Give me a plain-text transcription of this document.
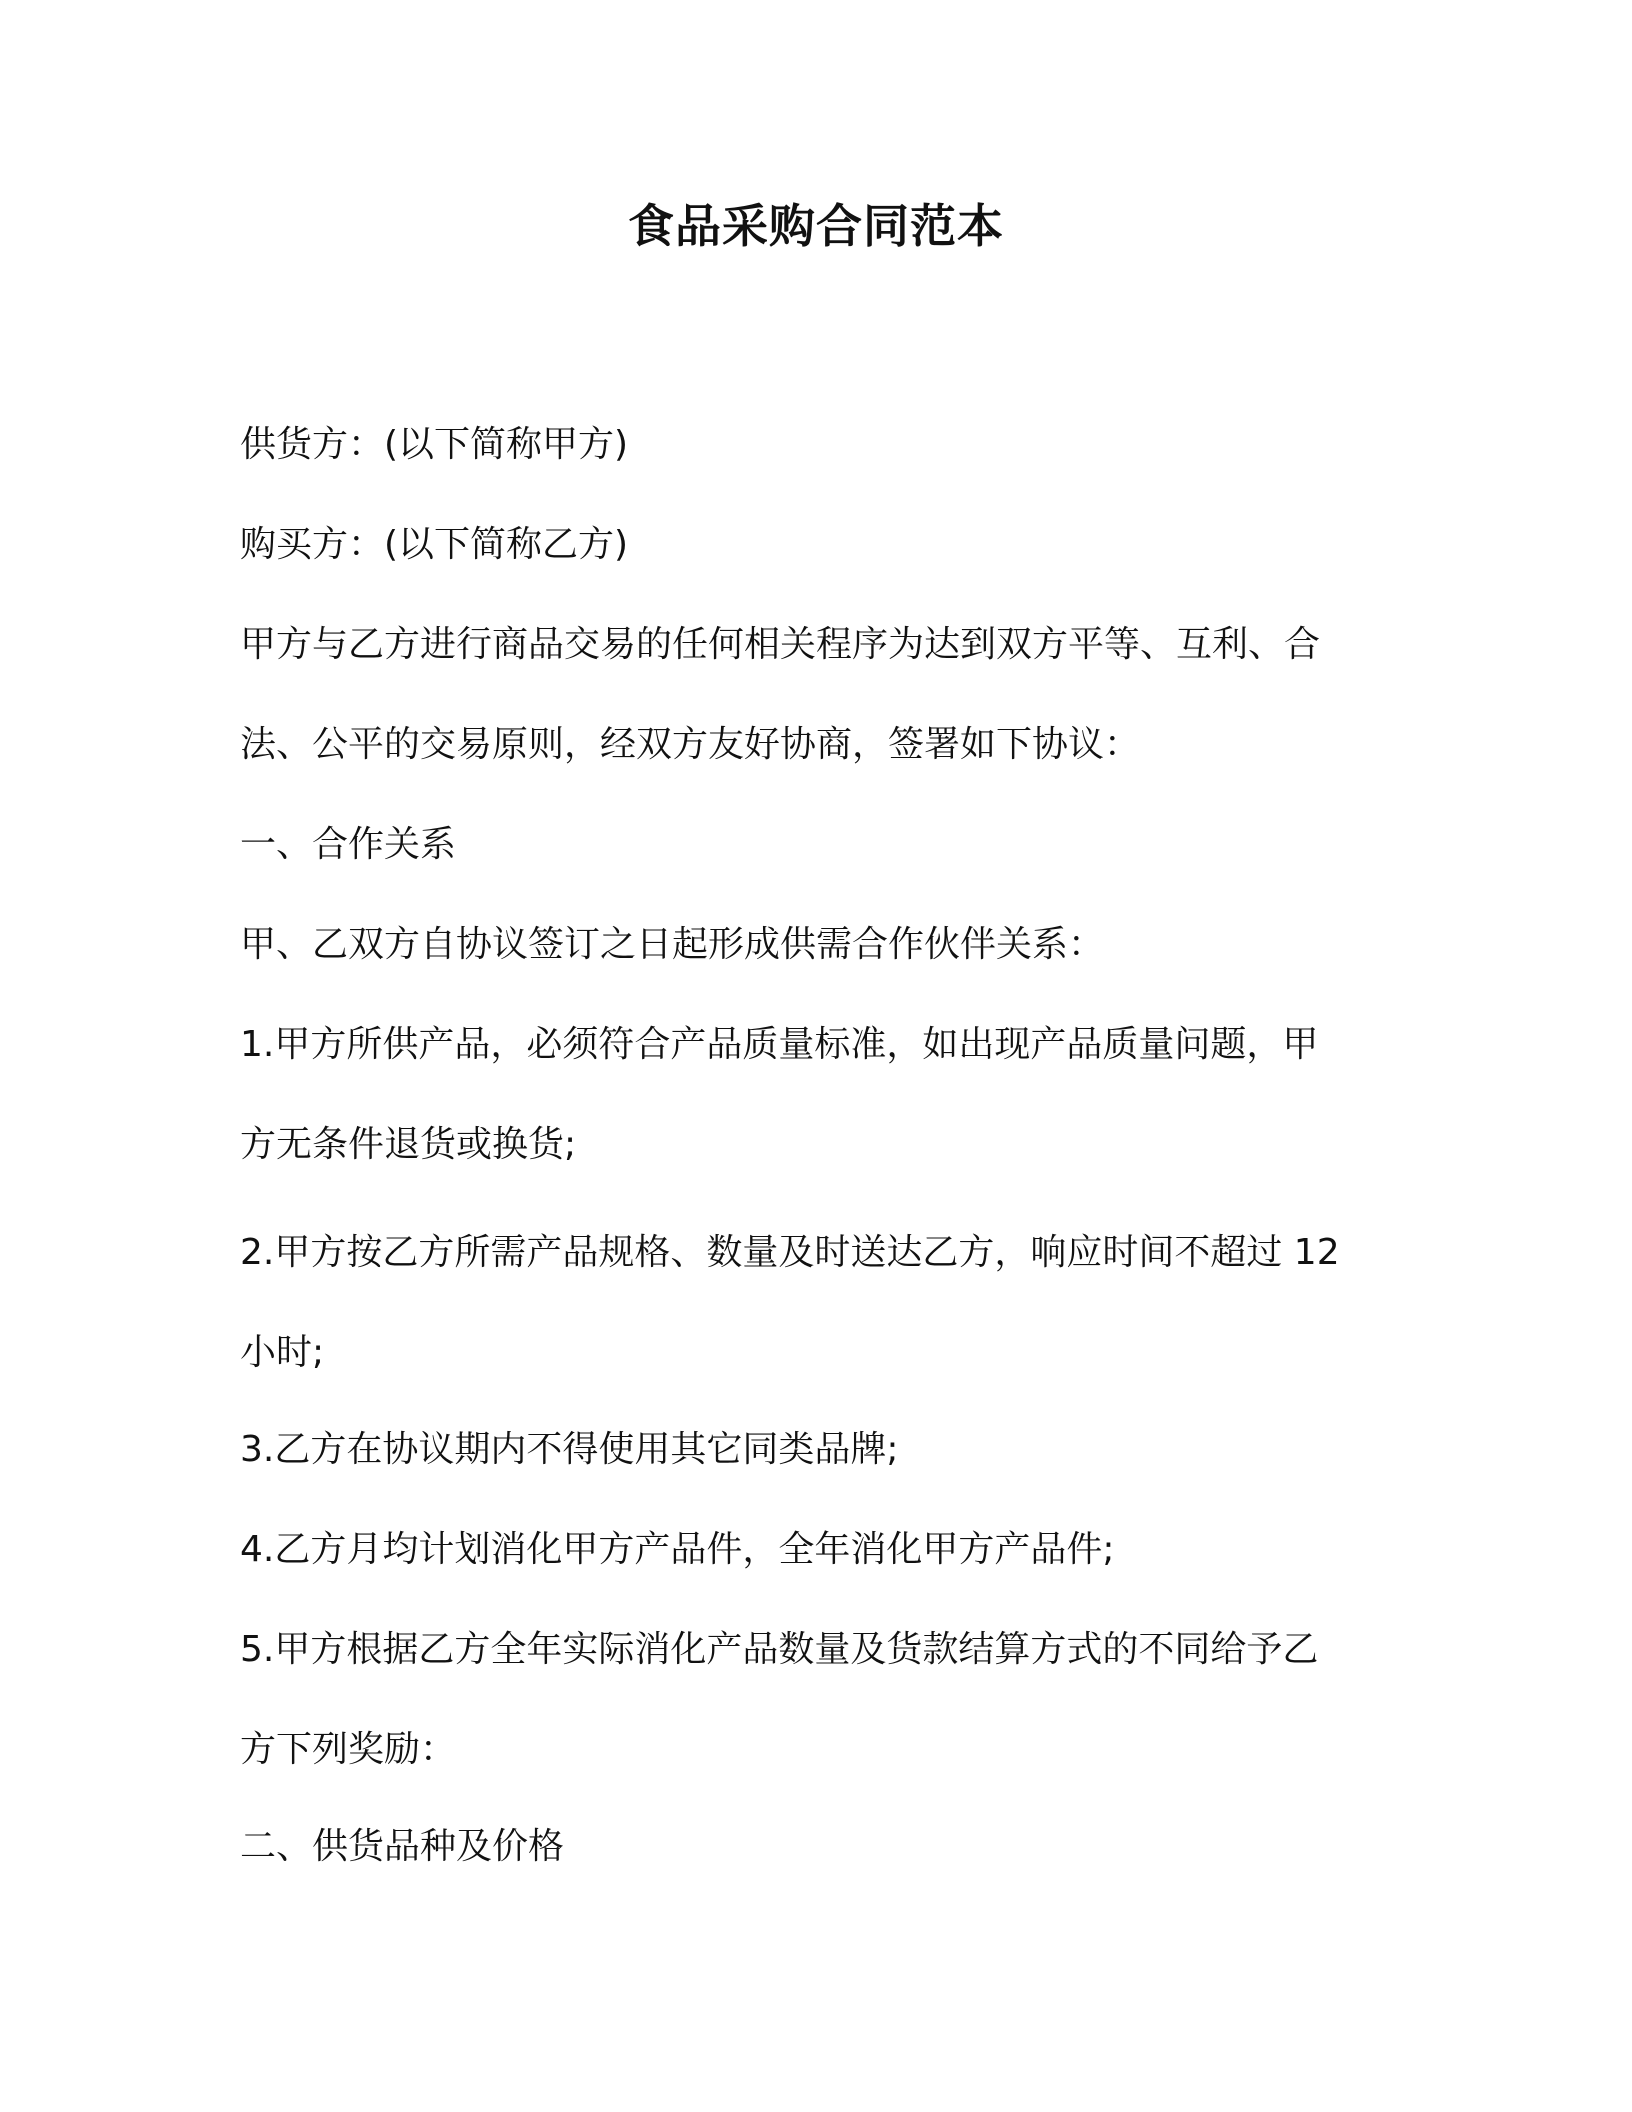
食品采购合同范本
供货方：(以下简称甲方)
购买方：(以下简称乙方)
甲方与乙方进行商品交易的任何相关程序为达到双方平等、互利、合
法、公平的交易原则，经双方友好协商，签署如下协议：
一、合作关系
甲、乙双方自协议签订之日起形成供需合作伙伴关系：
1.甲方所供产品，必须符合产品质量标准，如出现产品质量问题，甲
方无条件退货或换货;
2.甲方按乙方所需产品规格、数量及时送达乙方，响应时间不超过 12
小时;
3.乙方在协议期内不得使用其它同类品牌;
4.乙方月均计划消化甲方产品件，全年消化甲方产品件;
5.甲方根据乙方全年实际消化产品数量及货款结算方式的不同给予乙
方下列奖励：
二、供货品种及价格
